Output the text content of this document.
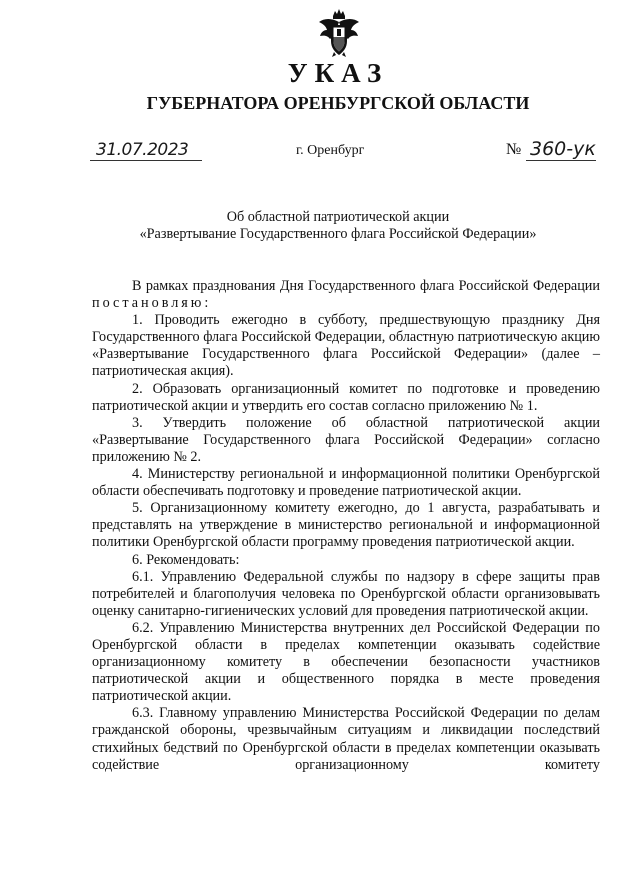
УКАЗ
ГУБЕРНАТОРА ОРЕНБУРГСКОЙ ОБЛАСТИ
31.07.2023	г. Оренбург	№ 360-ук
Об областной патриотической акции
«Развертывание Государственного флага Российской Федерации»

В рамках празднования Дня Государственного флага Российской Федерации постановляю:

1. Проводить ежегодно в субботу, предшествующую празднику Дня Государственного флага Российской Федерации, областную патриотическую акцию «Развертывание Государственного флага Российской Федерации» (далее – патриотическая акция).

2. Образовать организационный комитет по подготовке и проведению патриотической акции и утвердить его состав согласно приложению № 1.

3. Утвердить положение об областной патриотической акции «Развертывание Государственного флага Российской Федерации» согласно приложению № 2.

4. Министерству региональной и информационной политики Оренбургской области обеспечивать подготовку и проведение патриотической акции.

5. Организационному комитету ежегодно, до 1 августа, разрабатывать и представлять на утверждение в министерство региональной и информационной политики Оренбургской области программу проведения патриотической акции.

6. Рекомендовать:

6.1. Управлению Федеральной службы по надзору в сфере защиты прав потребителей и благополучия человека по Оренбургской области организовывать оценку санитарно-гигиенических условий для проведения патриотической акции.

6.2. Управлению Министерства внутренних дел Российской Федерации по Оренбургской области в пределах компетенции оказывать содействие организационному комитету в обеспечении безопасности участников патриотической акции и общественного порядка в месте проведения патриотической акции.

6.3. Главному управлению Министерства Российской Федерации по делам гражданской обороны, чрезвычайным ситуациям и ликвидации последствий стихийных бедствий по Оренбургской области в пределах компетенции оказывать содействие организационному комитету
